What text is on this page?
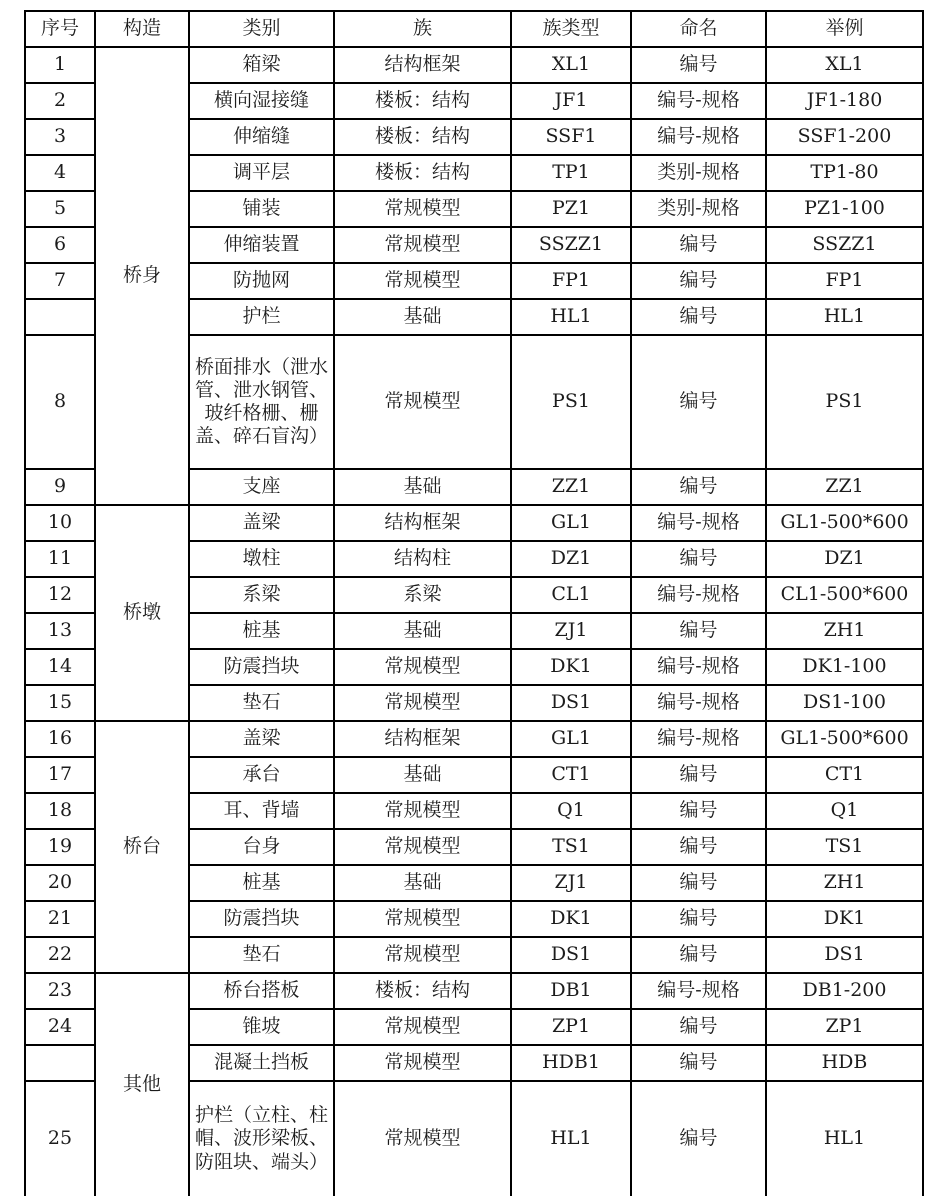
序号	构造	类别	族	族类型	命名	举例
1	桥身	箱梁	结构框架	XL1	编号	XL1
2		横向湿接缝	楼板：结构	JF1	编号-规格	JF1-180
3		伸缩缝	楼板：结构	SSF1	编号-规格	SSF1-200
4		调平层	楼板：结构	TP1	类别-规格	TP1-80
5		铺装	常规模型	PZ1	类别-规格	PZ1-100
6		伸缩装置	常规模型	SSZZ1	编号	SSZZ1
7		防抛网	常规模型	FP1	编号	FP1
		护栏	基础	HL1	编号	HL1
8		桥面排水（泄水管、泄水钢管、玻纤格栅、栅盖、碎石盲沟）	常规模型	PS1	编号	PS1
9		支座	基础	ZZ1	编号	ZZ1
10	桥墩	盖梁	结构框架	GL1	编号-规格	GL1-500*600
11		墩柱	结构柱	DZ1	编号	DZ1
12		系梁	系梁	CL1	编号-规格	CL1-500*600
13		桩基	基础	ZJ1	编号	ZH1
14		防震挡块	常规模型	DK1	编号-规格	DK1-100
15		垫石	常规模型	DS1	编号-规格	DS1-100
16	桥台	盖梁	结构框架	GL1	编号-规格	GL1-500*600
17		承台	基础	CT1	编号	CT1
18		耳、背墙	常规模型	Q1	编号	Q1
19		台身	常规模型	TS1	编号	TS1
20		桩基	基础	ZJ1	编号	ZH1
21		防震挡块	常规模型	DK1	编号	DK1
22		垫石	常规模型	DS1	编号	DS1
23	其他	桥台搭板	楼板：结构	DB1	编号-规格	DB1-200
24		锥坡	常规模型	ZP1	编号	ZP1
		混凝土挡板	常规模型	HDB1	编号	HDB
25		护栏（立柱、柱帽、波形梁板、防阻块、端头）	常规模型	HL1	编号	HL1
